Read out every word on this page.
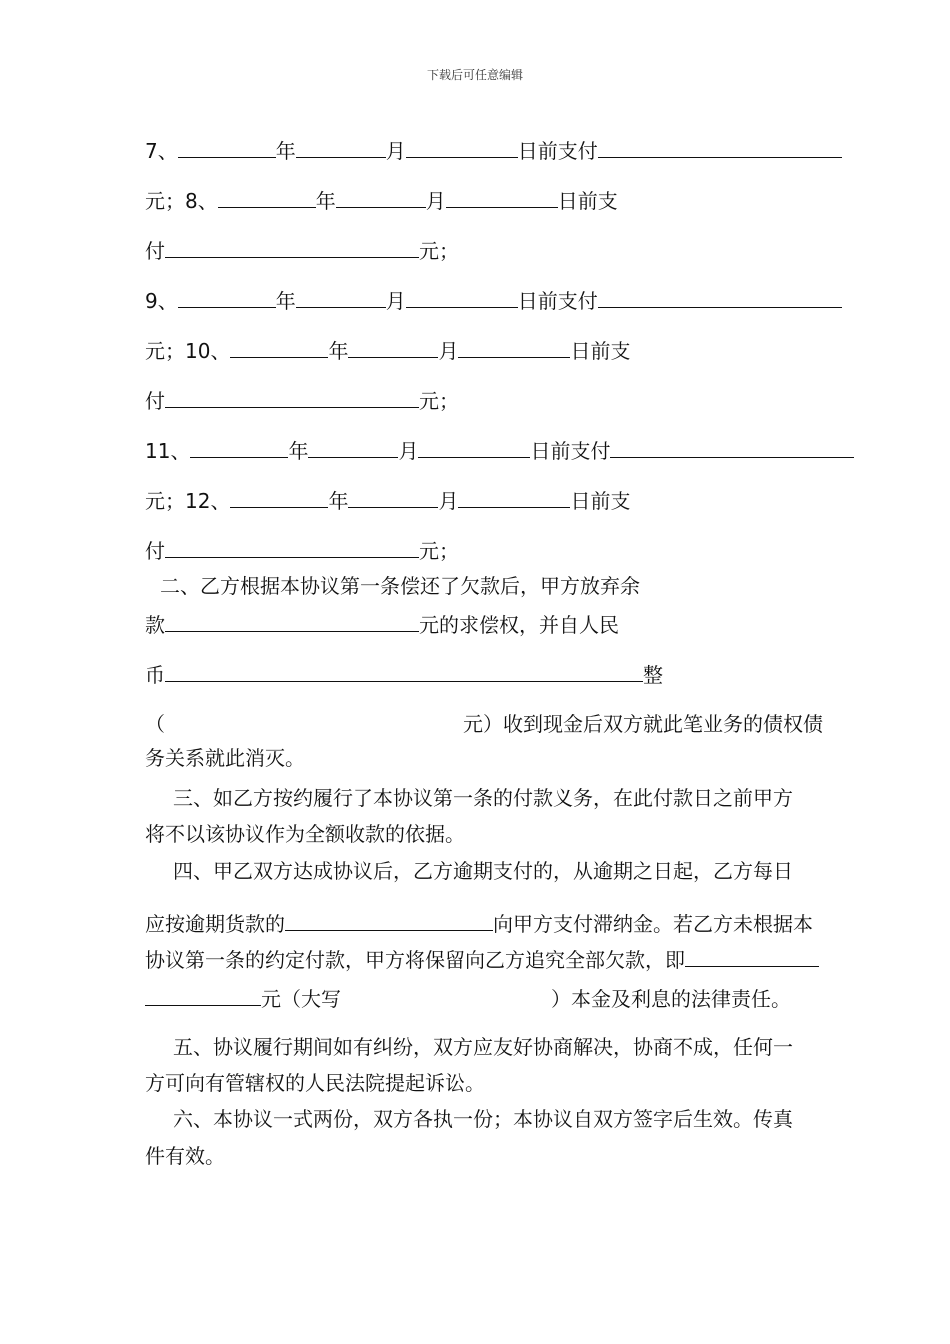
下载后可任意编辑
7、	年	月	日前支付
元；8、	年	月	日前支
付	元；
9、	年	月	日前支付
元；10、	年	月	日前支
付	元；
11、	年	月	日前支付
元；12、	年	月	日前支
付	元；
二、乙方根据本协议第一条偿还了欠款后，甲方放弃余
款	元的求偿权，并自人民
币	整
（	元）收到现金后双方就此笔业务的债权债
务关系就此消灭。
三、如乙方按约履行了本协议第一条的付款义务，在此付款日之前甲方
将不以该协议作为全额收款的依据。
四、甲乙双方达成协议后，乙方逾期支付的，从逾期之日起，乙方每日
应按逾期货款的	向甲方支付滞纳金。若乙方未根据本
协议第一条的约定付款，甲方将保留向乙方追究全部欠款，即
元（大写	）本金及利息的法律责任。
五、协议履行期间如有纠纷，双方应友好协商解决，协商不成，任何一
方可向有管辖权的人民法院提起诉讼。
六、本协议一式两份，双方各执一份；本协议自双方签字后生效。传真
件有效。
